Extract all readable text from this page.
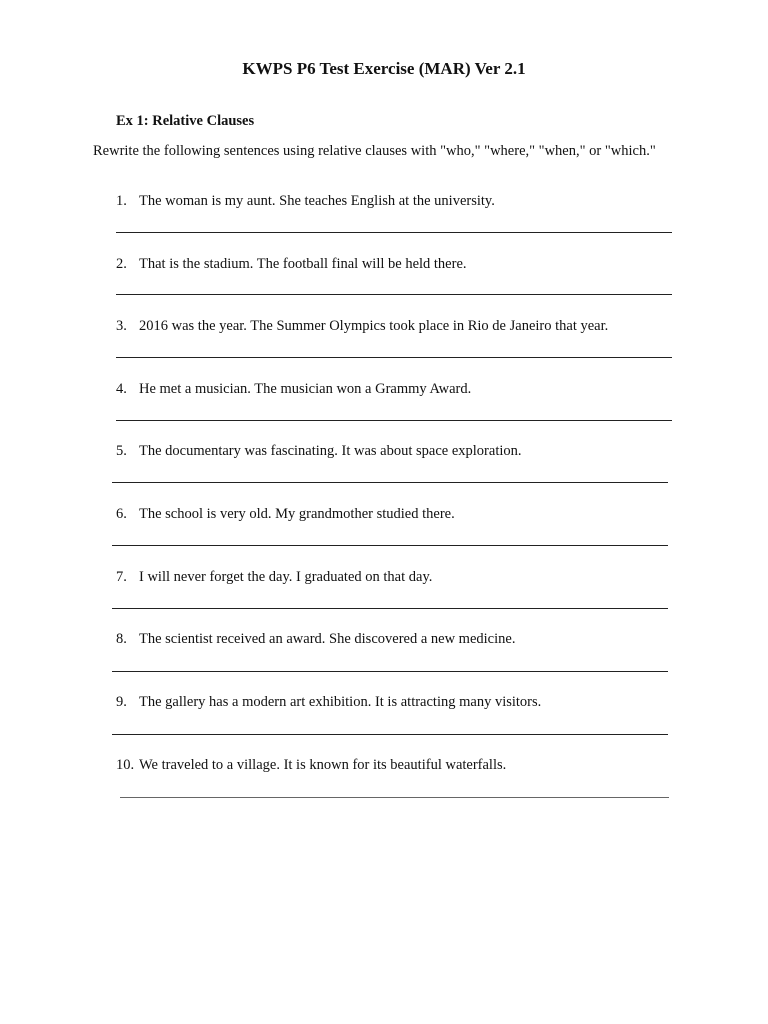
KWPS P6 Test Exercise (MAR) Ver 2.1
Ex 1: Relative Clauses
Rewrite the following sentences using relative clauses with "who," "where," "when," or "which."
1. The woman is my aunt. She teaches English at the university.
2. That is the stadium. The football final will be held there.
3. 2016 was the year. The Summer Olympics took place in Rio de Janeiro that year.
4. He met a musician. The musician won a Grammy Award.
5. The documentary was fascinating. It was about space exploration.
6. The school is very old. My grandmother studied there.
7. I will never forget the day. I graduated on that day.
8. The scientist received an award. She discovered a new medicine.
9. The gallery has a modern art exhibition. It is attracting many visitors.
10. We traveled to a village. It is known for its beautiful waterfalls.
